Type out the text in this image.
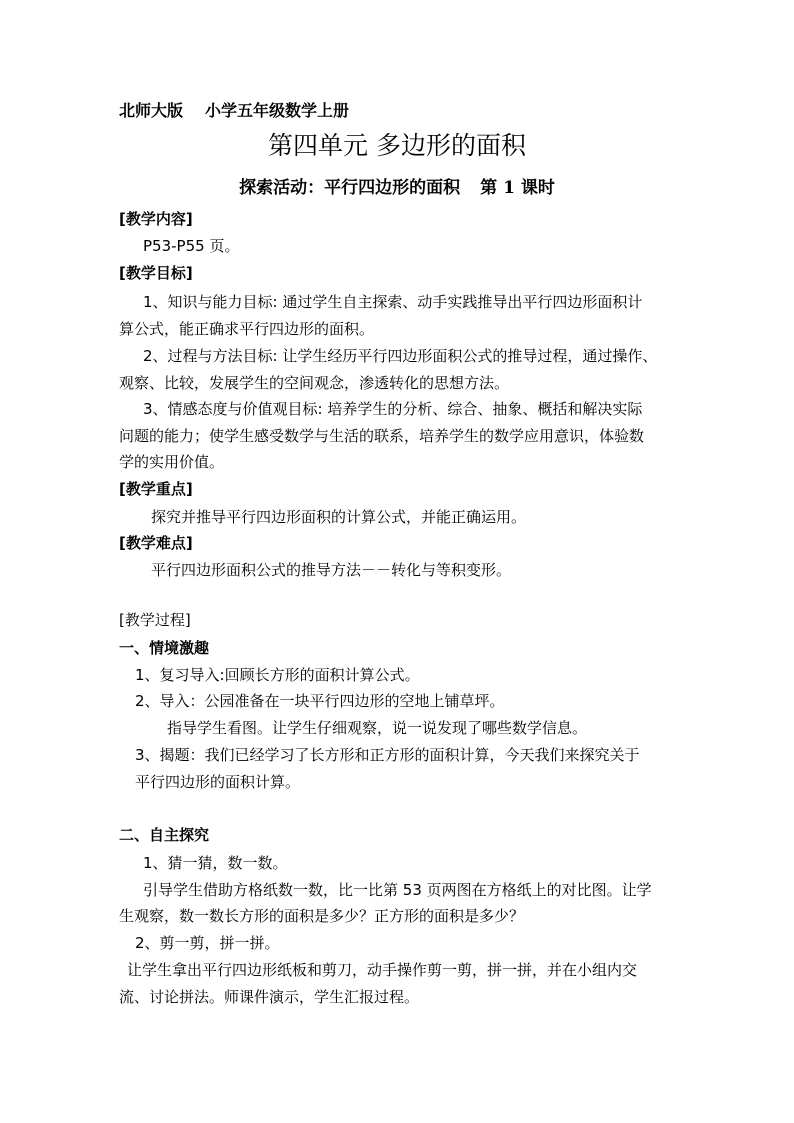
北师大版 小学五年级数学上册
第四单元 多边形的面积
探索活动：平行四边形的面积 第 1 课时
[教学内容]
P53-P55 页。
[教学目标]
1、知识与能力目标: 通过学生自主探索、动手实践推导出平行四边形面积计
算公式，能正确求平行四边形的面积。
2、过程与方法目标: 让学生经历平行四边形面积公式的推导过程，通过操作、
观察、比较，发展学生的空间观念，渗透转化的思想方法。
3、情感态度与价值观目标: 培养学生的分析、综合、抽象、概括和解决实际
问题的能力；使学生感受数学与生活的联系，培养学生的数学应用意识，体验数
学的实用价值。
[教学重点]
探究并推导平行四边形面积的计算公式，并能正确运用。
[教学难点]
平行四边形面积公式的推导方法－－转化与等积变形。
[教学过程]
一、情境激趣
1、复习导入:回顾长方形的面积计算公式。
2、导入：公园准备在一块平行四边形的空地上铺草坪。
指导学生看图。让学生仔细观察，说一说发现了哪些数学信息。
3、揭题：我们已经学习了长方形和正方形的面积计算，今天我们来探究关于
平行四边形的面积计算。
二、自主探究
1、猜一猜，数一数。
引导学生借助方格纸数一数，比一比第 53 页两图在方格纸上的对比图。让学
生观察，数一数长方形的面积是多少？正方形的面积是多少？
2、剪一剪，拼一拼。
让学生拿出平行四边形纸板和剪刀，动手操作剪一剪，拼一拼，并在小组内交
流、讨论拼法。师课件演示，学生汇报过程。
